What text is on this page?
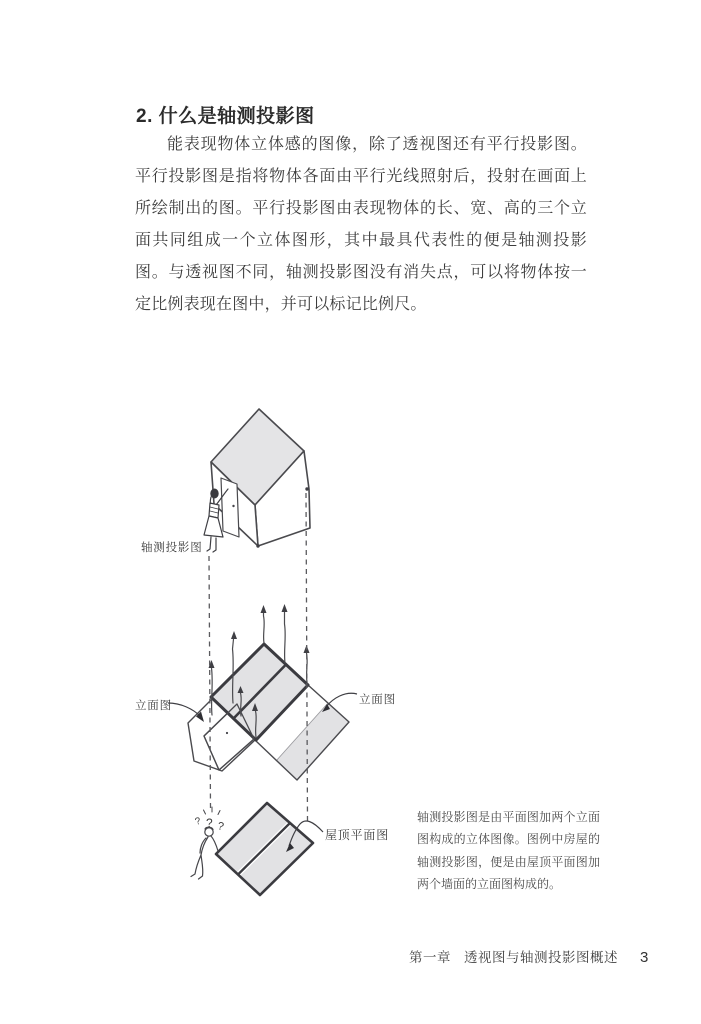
2. 什么是轴测投影图

能表现物体立体感的图像，除了透视图还有平行投影图。平行投影图是指将物体各面由平行光线照射后，投射在画面上所绘制出的图。平行投影图由表现物体的长、宽、高的三个立面共同组成一个立体图形，其中最具代表性的便是轴测投影图。与透视图不同，轴测投影图没有消失点，可以将物体按一定比例表现在图中，并可以标记比例尺。

? ? ?
轴测投影图
立面图	立面图
屋顶平面图
轴测投影图是由平面图加两个立面图构成的立体图像。图例中房屋的轴测投影图，便是由屋顶平面图加两个墙面的立面图构成的。
第一章 透视图与轴测投影图概述 3
